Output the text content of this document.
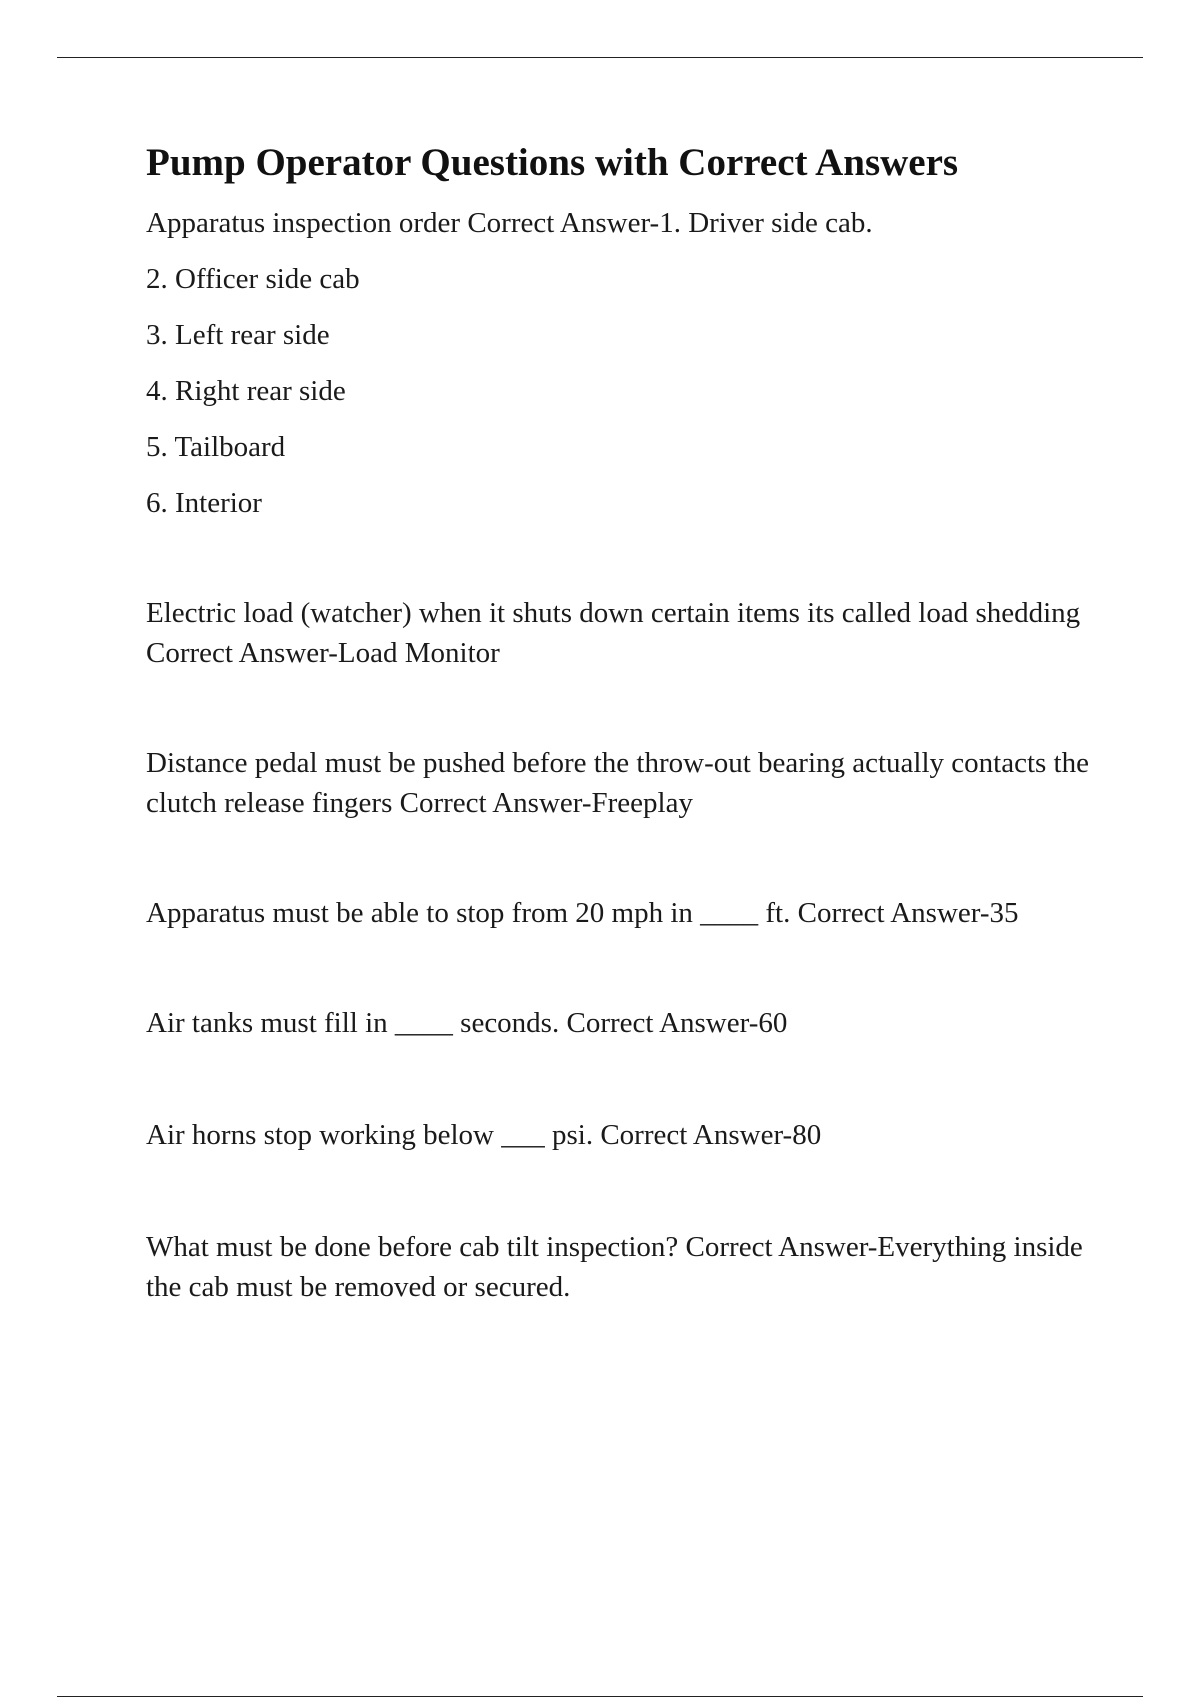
Pump Operator Questions with Correct Answers

Apparatus inspection order Correct Answer-1. Driver side cab.

2. Officer side cab

3. Left rear side

4. Right rear side

5. Tailboard

6. Interior

Electric load (watcher) when it shuts down certain items its called load shedding Correct Answer-Load Monitor

Distance pedal must be pushed before the throw-out bearing actually contacts the clutch release fingers Correct Answer-Freeplay

Apparatus must be able to stop from 20 mph in ____ ft. Correct Answer-35

Air tanks must fill in ____ seconds. Correct Answer-60

Air horns stop working below ___ psi. Correct Answer-80

What must be done before cab tilt inspection? Correct Answer-Everything inside the cab must be removed or secured.
